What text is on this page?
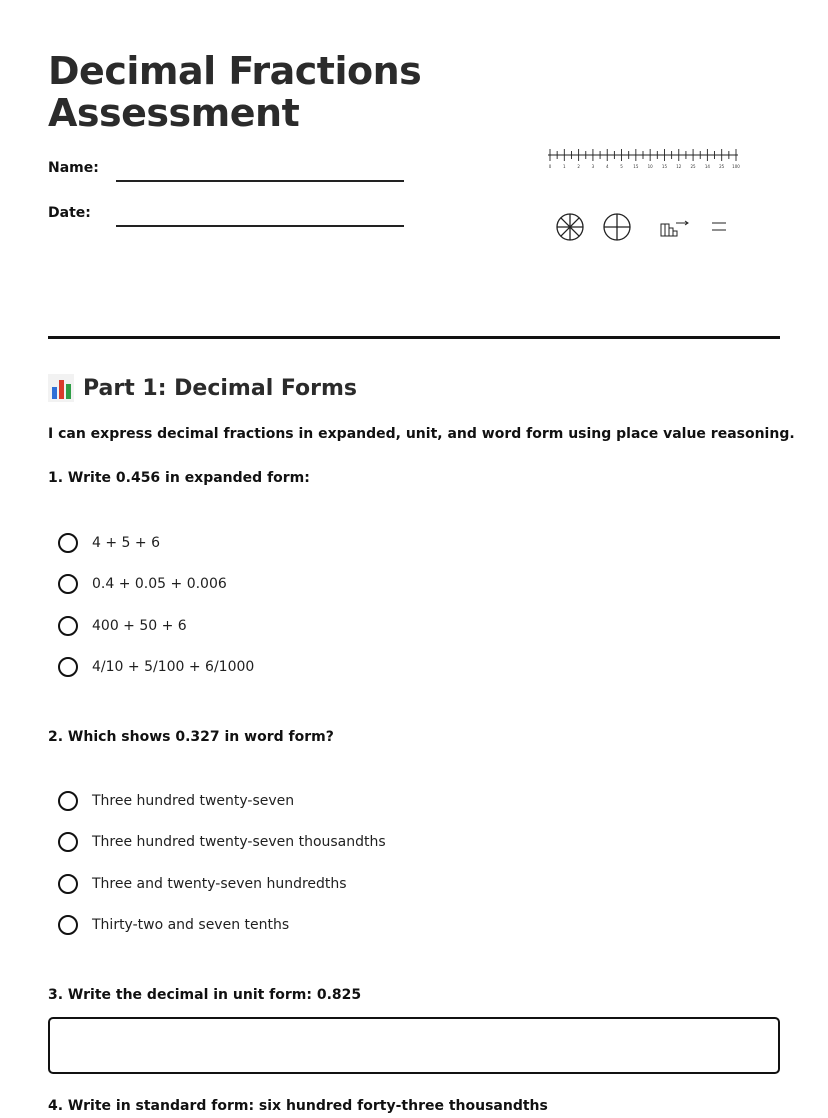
Decimal Fractions
Assessment
Name:
Date:
0	1	2	3	4	5	15 10 15 12 25 14 25 100
Part 1: Decimal Forms
I can express decimal fractions in expanded, unit, and word form using place value reasoning.
1. Write 0.456 in expanded form:
4 + 5 + 6
0.4 + 0.05 + 0.006
400 + 50 + 6
4/10 + 5/100 + 6/1000
2. Which shows 0.327 in word form?
Three hundred twenty-seven
Three hundred twenty-seven thousandths
Three and twenty-seven hundredths
Thirty-two and seven tenths
3. Write the decimal in unit form: 0.825
4. Write in standard form: six hundred forty-three thousandths
